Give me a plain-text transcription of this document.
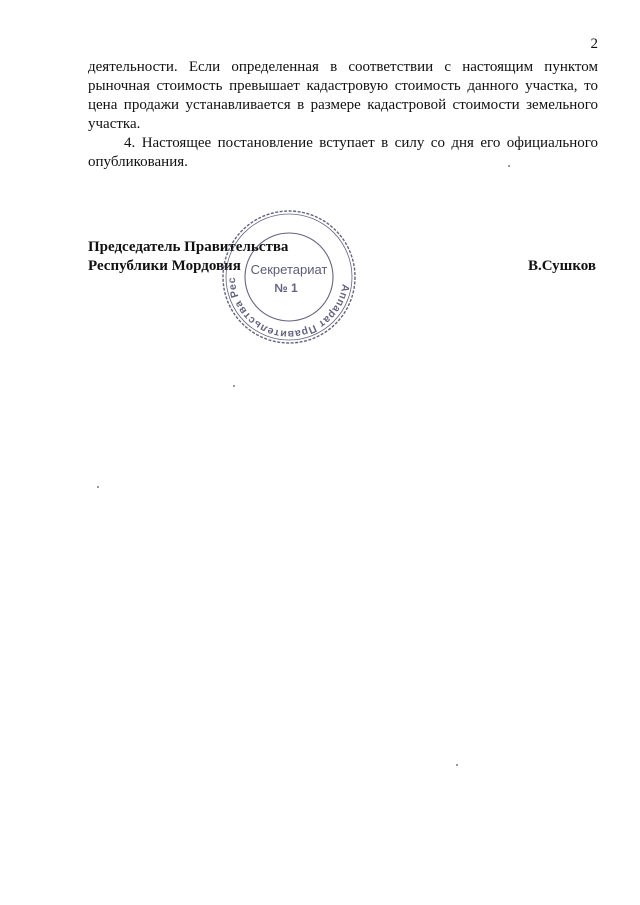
2

деятельности. Если определенная в соответствии с настоящим пунктом
рыночная стоимость превышает кадастровую стоимость данного участка, то
цена продажи устанавливается в размере кадастровой стоимости земельного
участка.

4. Настоящее постановление вступает в силу со дня его официального
опубликования.

Председатель Правительства
Республики Мордовия	В.Сушков
Аппарат Правительства Рес
Секретариат
№ 1
